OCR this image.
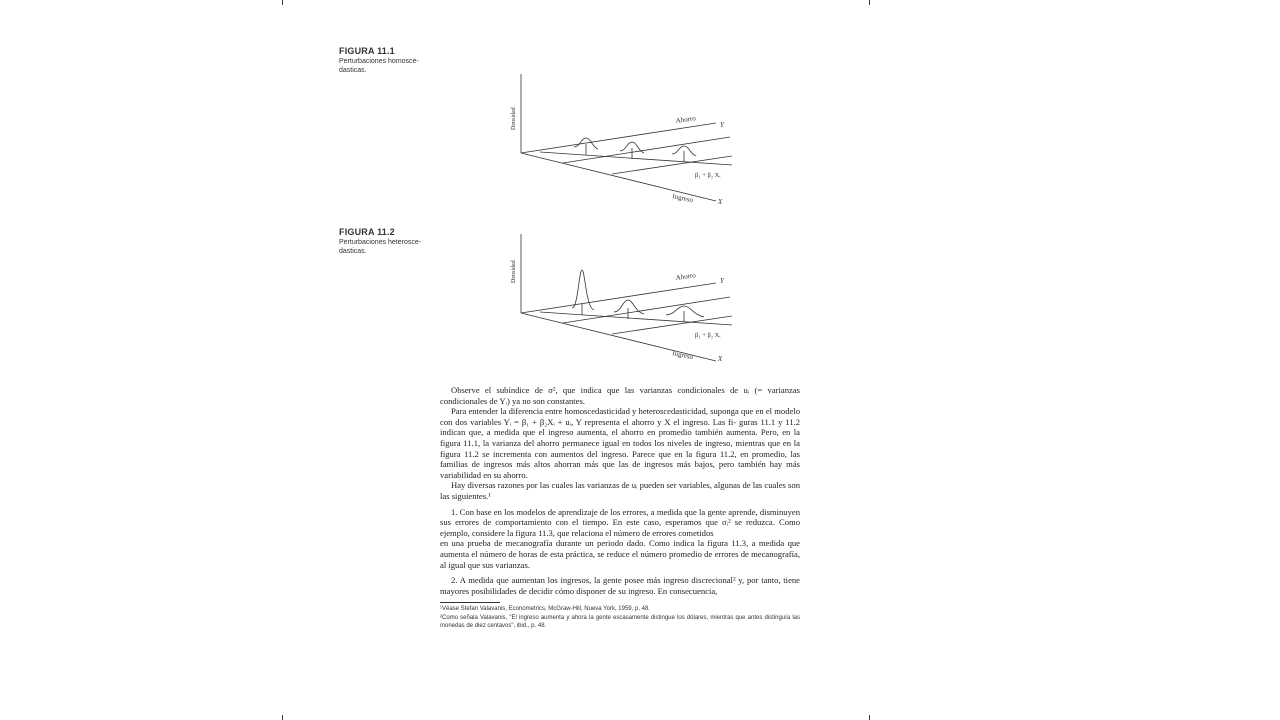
FIGURA 11.1
Perturbaciones homosce-dasticas.
Densidad	Ahorro
Y
β₁ + β₂ Xᵢ
Ingreso	X
FIGURA 11.2
Perturbaciones heterosce-dasticas.
Densidad	Ahorro	Y
β₁ + β₂ Xᵢ
Ingreso	X

Observe el subíndice de σ², que indica que las varianzas condicionales de uᵢ (= varianzas condicionales de Yᵢ) ya no son constantes.

Para entender la diferencia entre homoscedasticidad y heteroscedasticidad, suponga que en el modelo con dos variables Yᵢ = β₁ + β₂Xᵢ + uᵢ, Y representa el ahorro y X el ingreso. Las fi- guras 11.1 y 11.2 indican que, a medida que el ingreso aumenta, el ahorro en promedio también aumenta. Pero, en la figura 11.1, la varianza del ahorro permanece igual en todos los niveles de ingreso, mientras que en la figura 11.2 se incrementa con aumentos del ingreso. Parece que en la figura 11.2, en promedio, las familias de ingresos más altos ahorran más que las de ingresos más bajos, pero también hay más variabilidad en su ahorro.

Hay diversas razones por las cuales las varianzas de uᵢ pueden ser variables, algunas de las cuales son las siguientes.¹

1. Con base en los modelos de aprendizaje de los errores, a medida que la gente aprende, disminuyen sus errores de comportamiento con el tiempo. En este caso, esperamos que σᵢ² se reduzca. Como ejemplo, considere la figura 11.3, que relaciona el número de errores cometidos

en una prueba de mecanografía durante un periodo dado. Como indica la figura 11.3, a medida que aumenta el número de horas de esta práctica, se reduce el número promedio de errores de mecanografía, al igual que sus varianzas.

2. A medida que aumentan los ingresos, la gente posee más ingreso discrecional² y, por tanto, tiene mayores posibilidades de decidir cómo disponer de su ingreso. En consecuencia,

¹Véase Stefan Valavanis, Econometrics, McGraw-Hill, Nueva York, 1959, p. 48.
²Como señala Valavanis, "El ingreso aumenta y ahora la gente escasamente distingue los dólares, mientras que antes distinguía las monedas de diez centavos", ibid., p. 48.
